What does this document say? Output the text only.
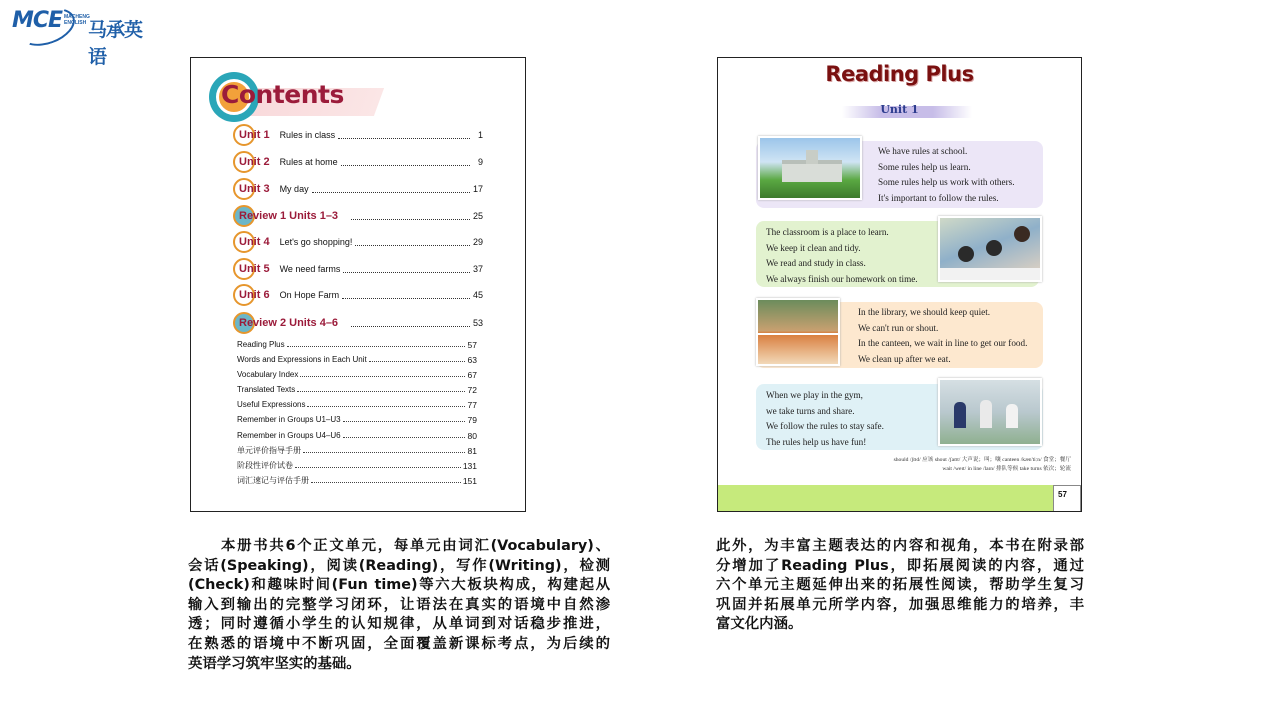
MCE MACHENG
ENGLISH 马承英语
Contents
Unit 1 Rules in class	1
Unit 2 Rules at home	9
Unit 3 My day	17
Review 1 Units 1–3	25
Unit 4 Let's go shopping!	29
Unit 5 We need farms	37
Unit 6 On Hope Farm	45
Review 2 Units 4–6	53
Reading Plus	57
Words and Expressions in Each Unit	63
Vocabulary Index	67
Translated Texts	72
Useful Expressions	77
Remember in Groups U1–U3	79
Remember in Groups U4–U6	80
单元评价指导手册	81
阶段性评价试卷	131
词汇速记与评估手册	151
Reading Plus
Unit 1
We have rules at school.
Some rules help us learn.
Some rules help us work with others.
It's important to follow the rules.
The classroom is a place to learn.
We keep it clean and tidy.
We read and study in class.
We always finish our homework on time.
In the library, we should keep quiet.
We can't run or shout.
In the canteen, we wait in line to get our food.
We clean up after we eat.
When we play in the gym,
we take turns and share.
We follow the rules to stay safe.
The rules help us have fun!
should /ʃʊd/ 应该 shout /ʃaʊt/ 大声说；叫；嚷 canteen /kæn'tiːn/ 食堂；餐厅
wait /weɪt/ in line /laɪn/ 排队等候 take turns 依次；轮流
57
本册书共6个正文单元，每单元由词汇(Vocabulary)、
会话(Speaking)，阅读(Reading)，写作(Writing)，检测
(Check)和趣味时间(Fun time)等六大板块构成，构建起从
输入到输出的完整学习闭环，让语法在真实的语境中自然渗
透；同时遵循小学生的认知规律，从单词到对话稳步推进，
在熟悉的语境中不断巩固，全面覆盖新课标考点，为后续的
英语学习筑牢坚实的基础。
此外，为丰富主题表达的内容和视角，本书在附录部
分增加了Reading Plus，即拓展阅读的内容，通过
六个单元主题延伸出来的拓展性阅读，帮助学生复习
巩固并拓展单元所学内容，加强思维能力的培养，丰
富文化内涵。
